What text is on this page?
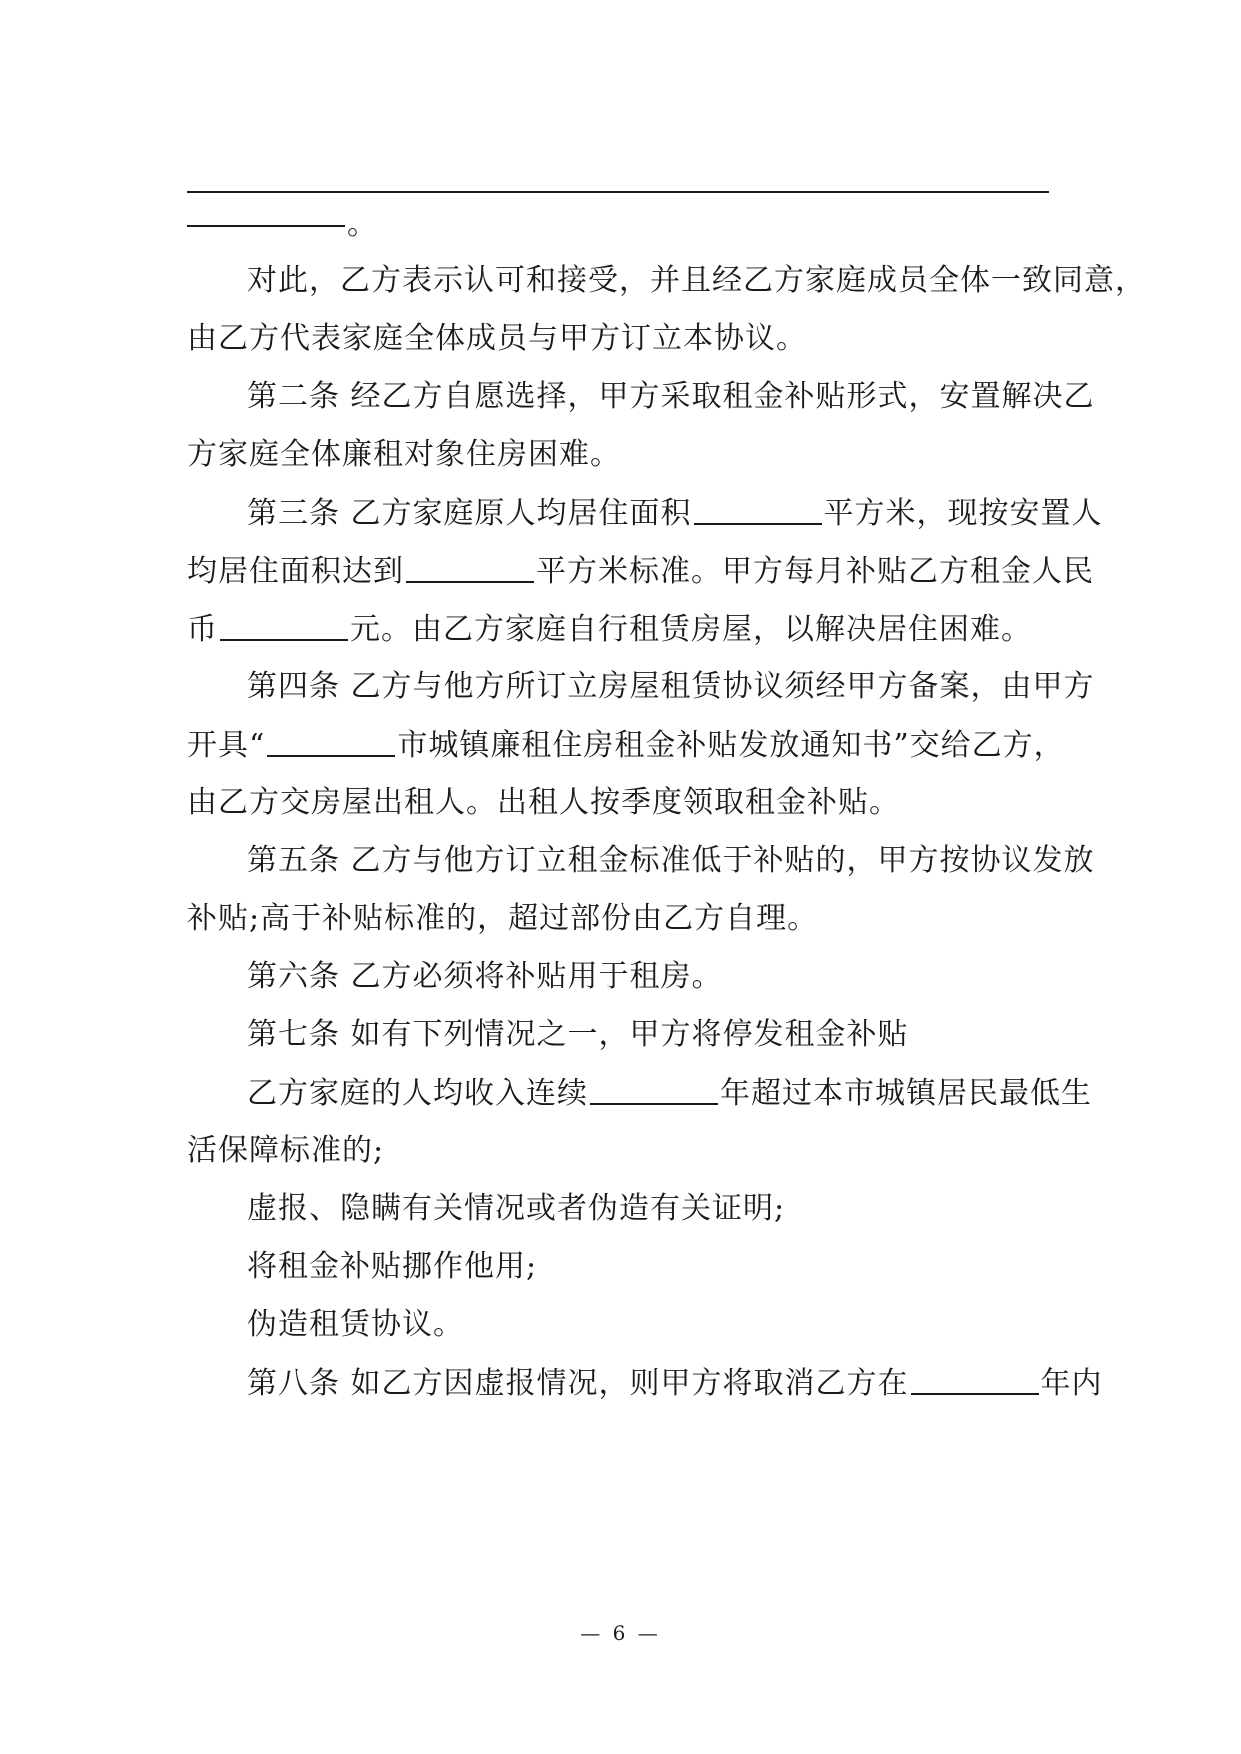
。
对此，乙方表示认可和接受，并且经乙方家庭成员全体一致同意，
由乙方代表家庭全体成员与甲方订立本协议。
第二条 经乙方自愿选择，甲方采取租金补贴形式，安置解决乙
方家庭全体廉租对象住房困难。
第三条 乙方家庭原人均居住面积	平方米，现按安置人
均居住面积达到	平方米标准。甲方每月补贴乙方租金人民
币	元。由乙方家庭自行租赁房屋，以解决居住困难。
第四条 乙方与他方所订立房屋租赁协议须经甲方备案，由甲方
开具“	市城镇廉租住房租金补贴发放通知书”交给乙方，
由乙方交房屋出租人。出租人按季度领取租金补贴。
第五条 乙方与他方订立租金标准低于补贴的，甲方按协议发放
补贴;高于补贴标准的，超过部份由乙方自理。
第六条 乙方必须将补贴用于租房。
第七条 如有下列情况之一，甲方将停发租金补贴
乙方家庭的人均收入连续	年超过本市城镇居民最低生
活保障标准的;
虚报、隐瞒有关情况或者伪造有关证明;
将租金补贴挪作他用;
伪造租赁协议。
第八条 如乙方因虚报情况，则甲方将取消乙方在	年内
— 6 —
